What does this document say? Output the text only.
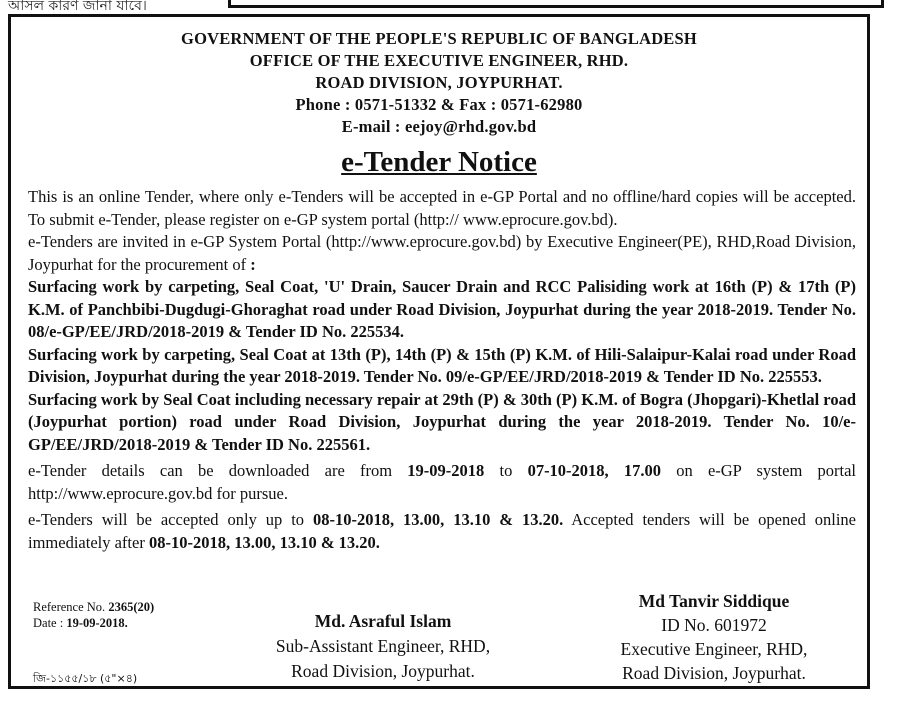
আসল কারণ জানা যাবে।
GOVERNMENT OF THE PEOPLE'S REPUBLIC OF BANGLADESH
OFFICE OF THE EXECUTIVE ENGINEER, RHD.
ROAD DIVISION, JOYPURHAT.
Phone : 0571-51332 & Fax : 0571-62980
E-mail : eejoy@rhd.gov.bd
e-Tender Notice

This is an online Tender, where only e-Tenders will be accepted in e-GP Portal and no offline/hard copies will be accepted. To submit e-Tender, please register on e-GP system portal (http:// www.eprocure.gov.bd).

e-Tenders are invited in e-GP System Portal (http://www.eprocure.gov.bd) by Executive Engineer(PE), RHD,Road Division, Joypurhat for the procurement of :

Surfacing work by carpeting, Seal Coat, 'U' Drain, Saucer Drain and RCC Palisiding work at 16th (P) & 17th (P) K.M. of Panchbibi-Dugdugi-Ghoraghat road under Road Division, Joypurhat during the year 2018-2019. Tender No. 08/e-GP/EE/JRD/2018-2019 & Tender ID No. 225534.

Surfacing work by carpeting, Seal Coat at 13th (P), 14th (P) & 15th (P) K.M. of Hili-Salaipur-Kalai road under Road Division, Joypurhat during the year 2018-2019. Tender No. 09/e-GP/EE/JRD/2018-2019 & Tender ID No. 225553.

Surfacing work by Seal Coat including necessary repair at 29th (P) & 30th (P) K.M. of Bogra (Jhopgari)-Khetlal road (Joypurhat portion) road under Road Division, Joypurhat during the year 2018-2019. Tender No. 10/e-GP/EE/JRD/2018-2019 & Tender ID No. 225561.

e-Tender details can be downloaded are from 19-09-2018 to 07-10-2018, 17.00 on e-GP system portal http://www.eprocure.gov.bd for pursue.

e-Tenders will be accepted only up to 08-10-2018, 13.00, 13.10 & 13.20. Accepted tenders will be opened online immediately after 08-10-2018, 13.00, 13.10 & 13.20.

Reference No. 2365(20)
Date : 19-09-2018.	Md. Asraful Islam
Sub-Assistant Engineer, RHD,
Road Division, Joypurhat.
Md Tanvir Siddique
ID No. 601972
Executive Engineer, RHD,
Road Division, Joypurhat.
জি-১১৫৫/১৮ (৫"×৪)
